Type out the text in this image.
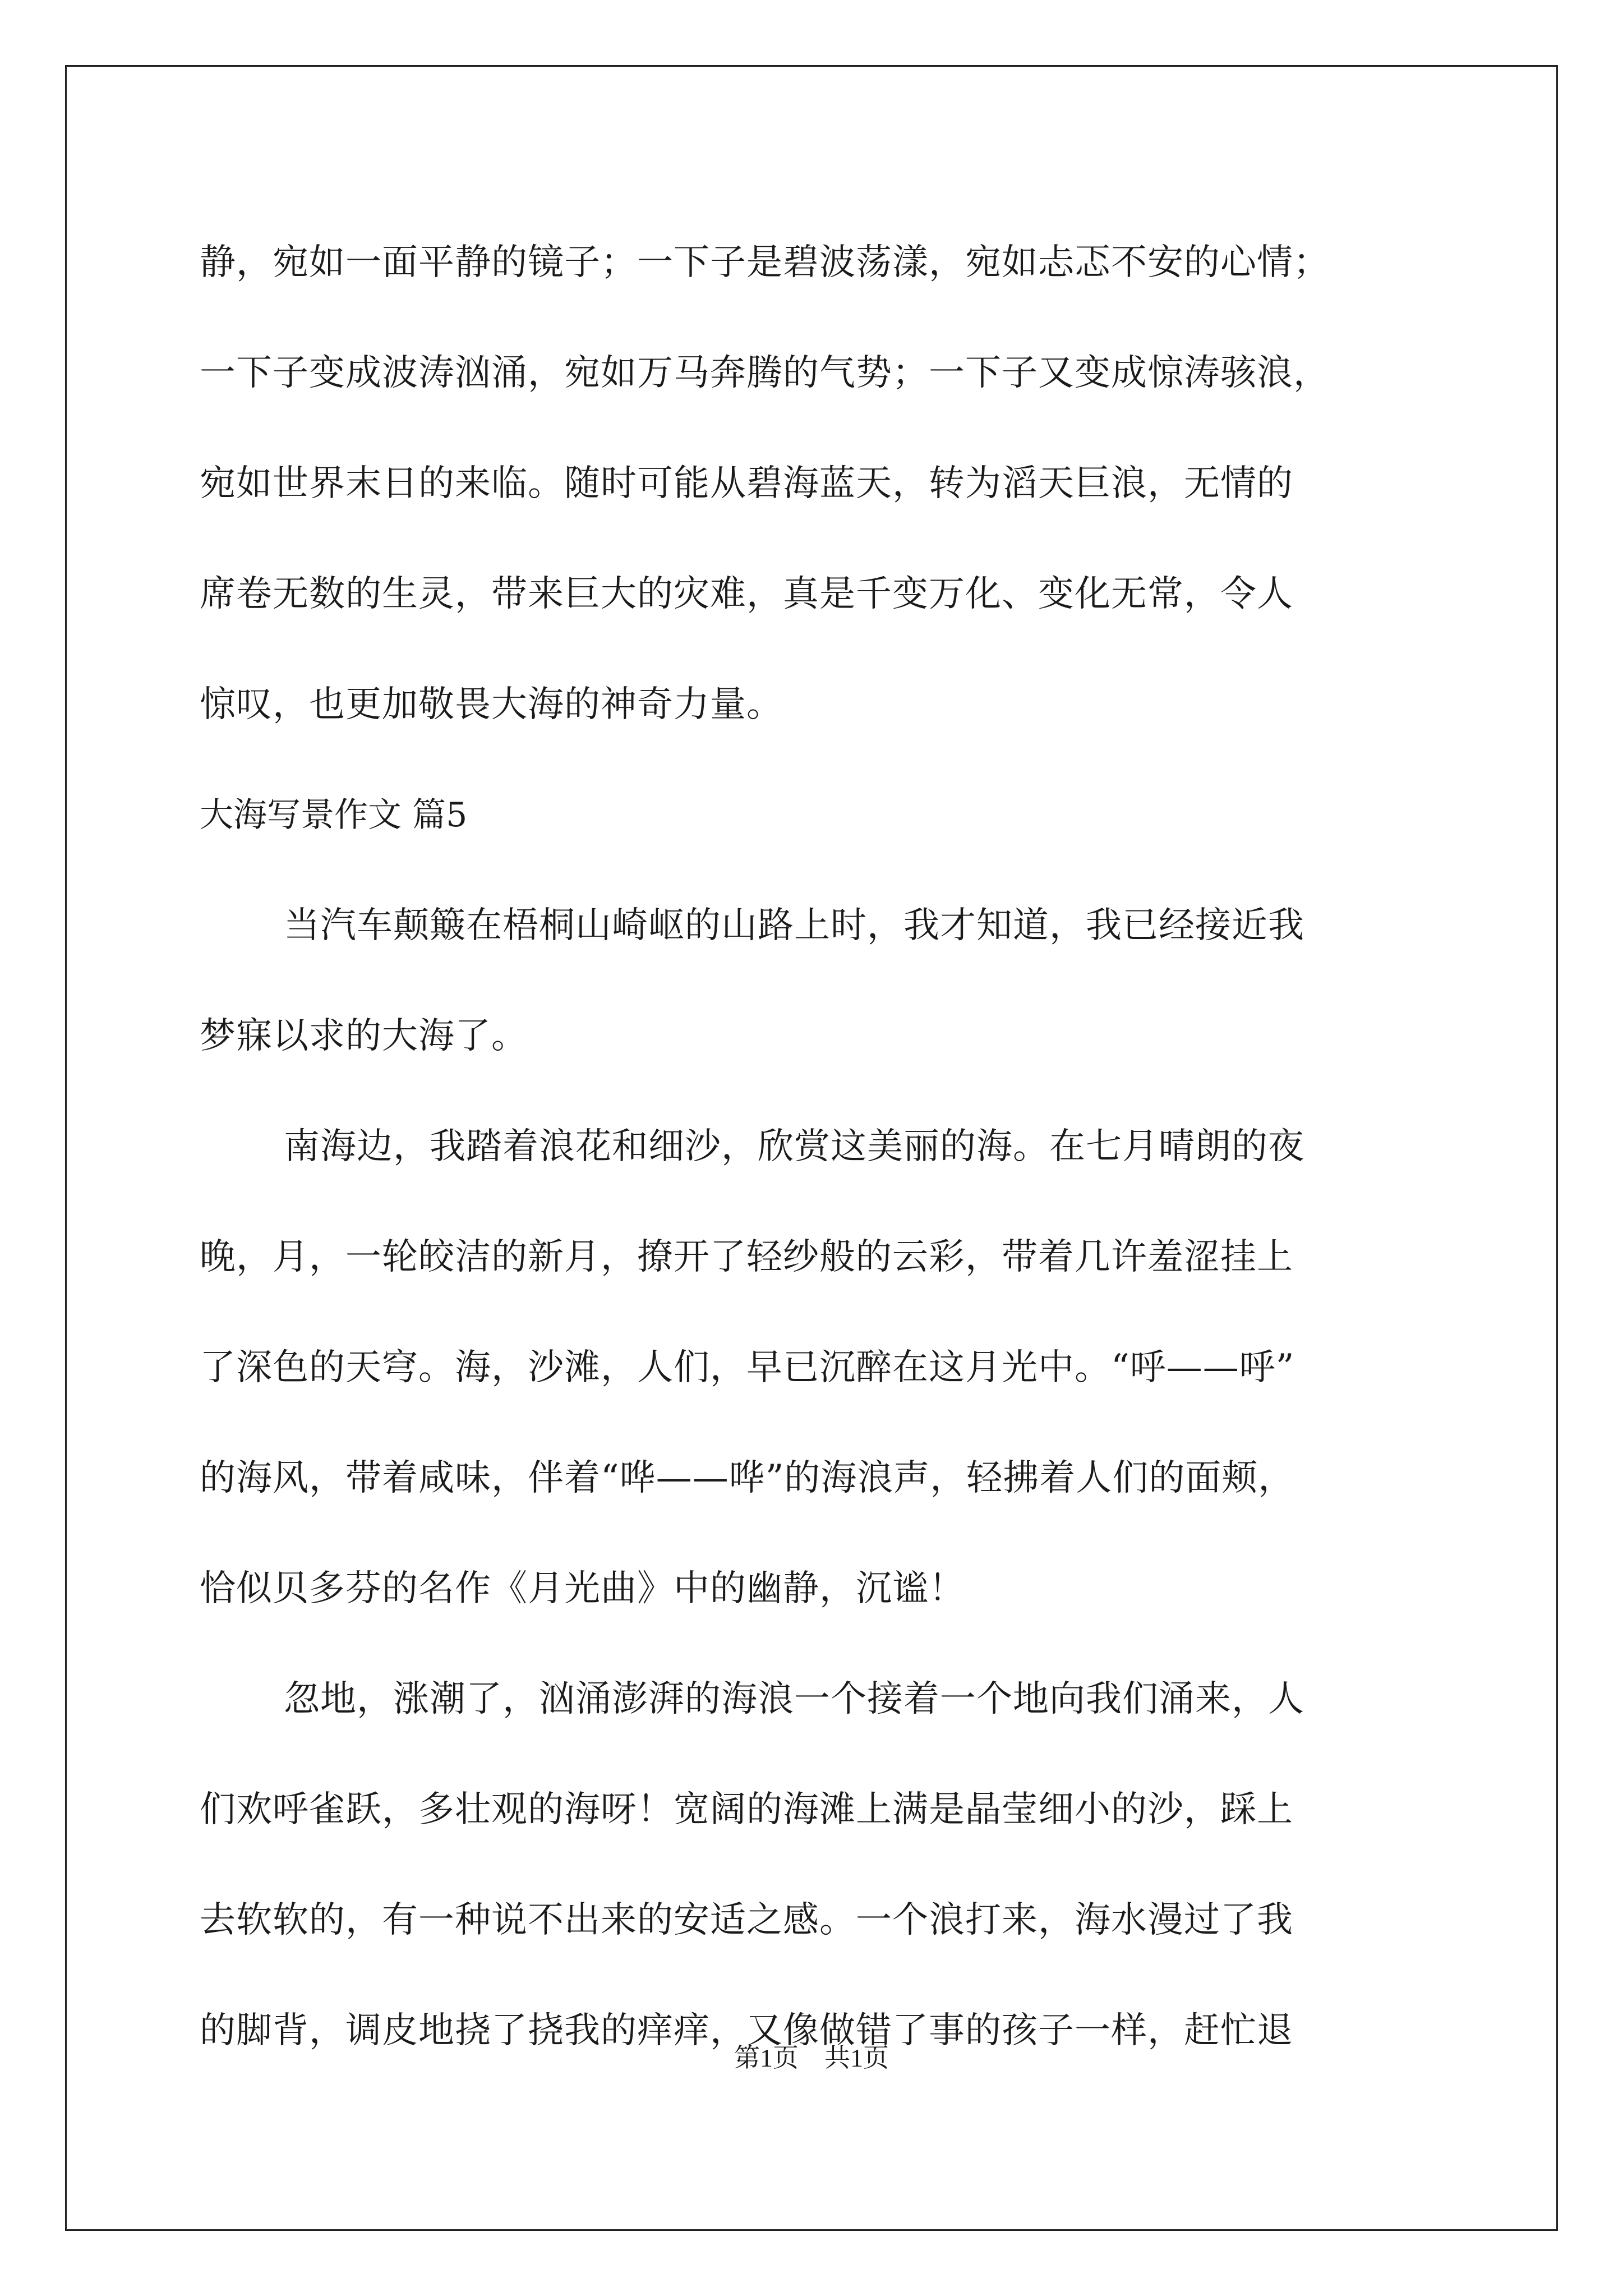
静，宛如一面平静的镜子；一下子是碧波荡漾，宛如忐忑不安的心情；
一下子变成波涛汹涌，宛如万马奔腾的气势；一下子又变成惊涛骇浪，
宛如世界末日的来临。随时可能从碧海蓝天，转为滔天巨浪，无情的
席卷无数的生灵，带来巨大的灾难，真是千变万化、变化无常，令人
惊叹，也更加敬畏大海的神奇力量。
大海写景作文 篇5
当汽车颠簸在梧桐山崎岖的山路上时，我才知道，我已经接近我
梦寐以求的大海了。
南海边，我踏着浪花和细沙，欣赏这美丽的海。在七月晴朗的夜
晚，月，一轮皎洁的新月，撩开了轻纱般的云彩，带着几许羞涩挂上
了深色的天穹。海，沙滩，人们，早已沉醉在这月光中。“呼——呼”
的海风，带着咸味，伴着“哗——哗”的海浪声，轻拂着人们的面颊，
恰似贝多芬的名作《月光曲》中的幽静，沉谧！
忽地，涨潮了，汹涌澎湃的海浪一个接着一个地向我们涌来，人
们欢呼雀跃，多壮观的海呀！宽阔的海滩上满是晶莹细小的沙，踩上
去软软的，有一种说不出来的安适之感。一个浪打来，海水漫过了我
的脚背，调皮地挠了挠我的痒痒，又像做错了事的孩子一样，赶忙退
第1页　共1页
